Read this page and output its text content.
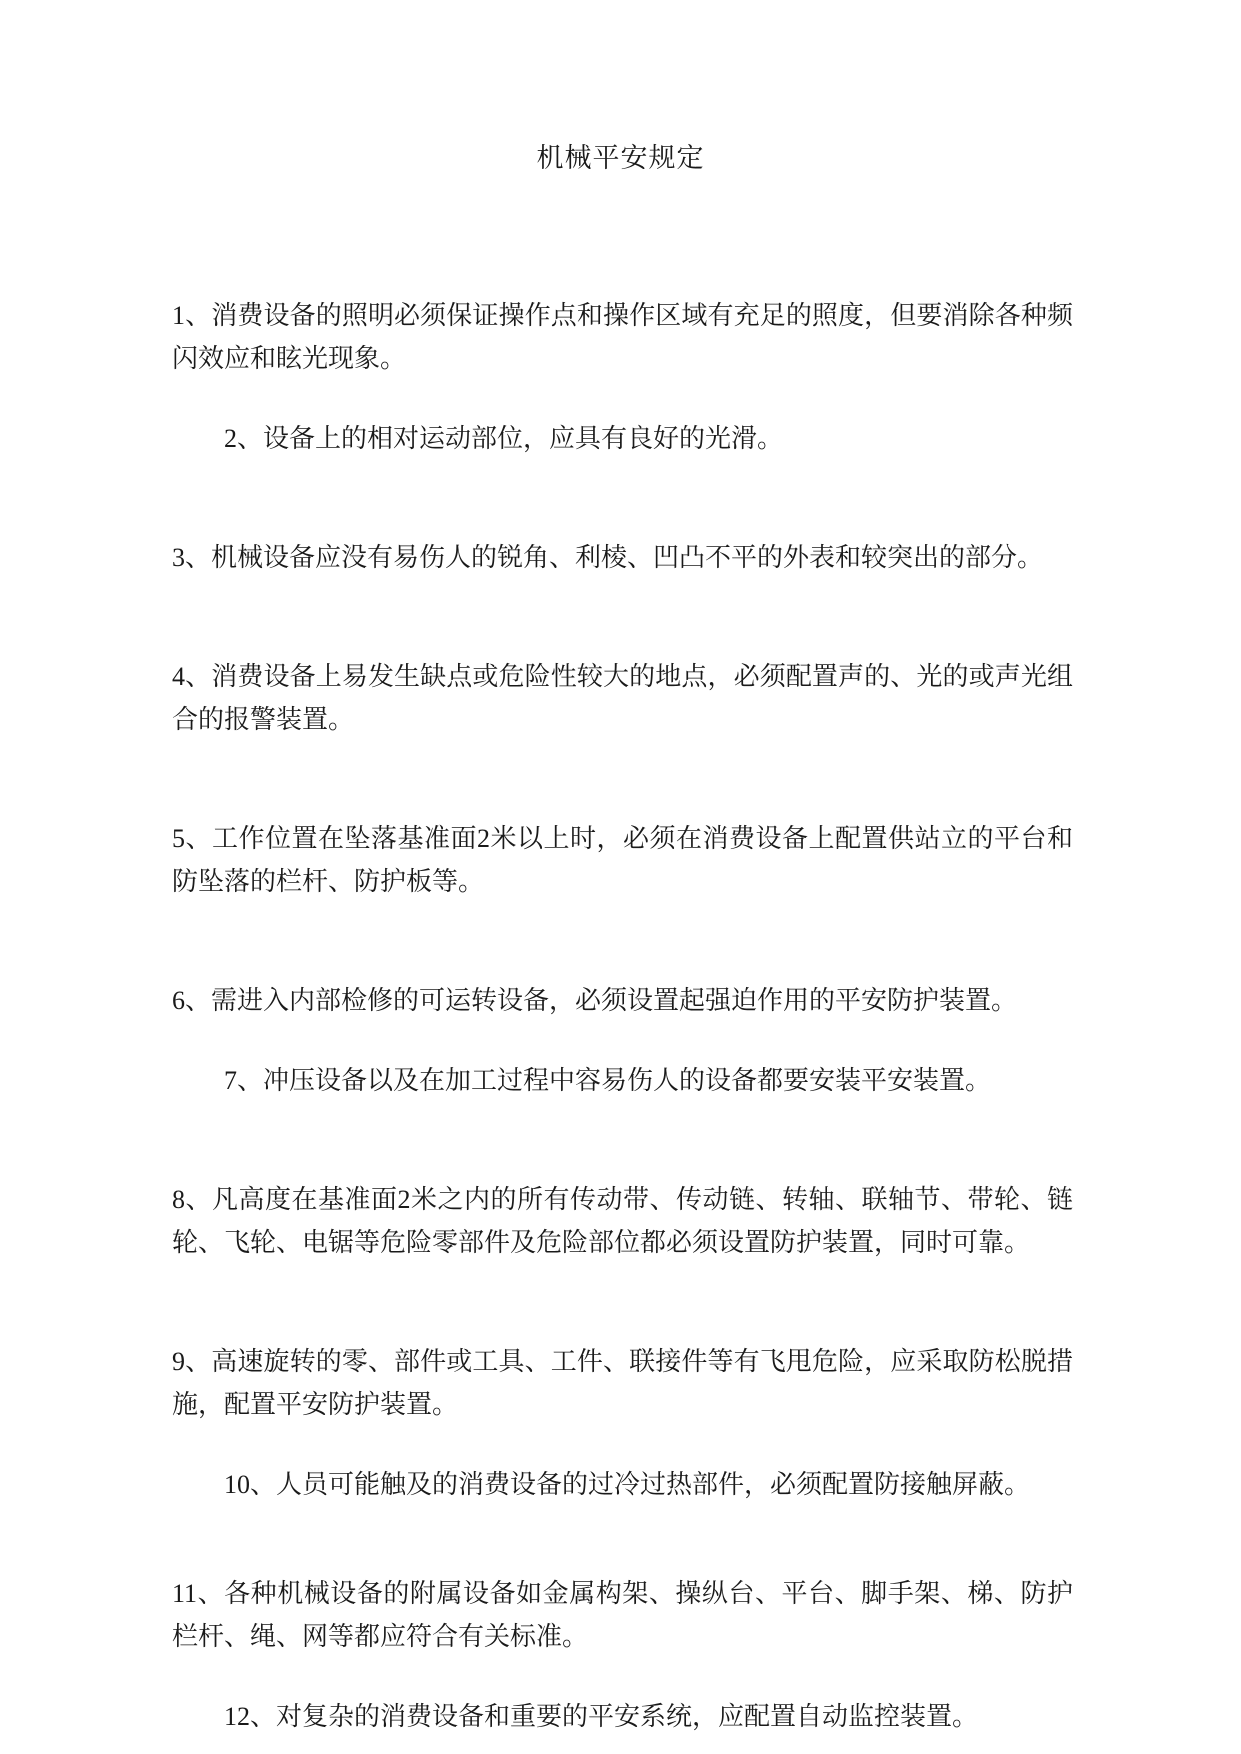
机械平安规定

1、消费设备的照明必须保证操作点和操作区域有充足的照度，但要消除各种频闪效应和眩光现象。

2、设备上的相对运动部位，应具有良好的光滑。

3、机械设备应没有易伤人的锐角、利棱、凹凸不平的外表和较突出的部分。

4、消费设备上易发生缺点或危险性较大的地点，必须配置声的、光的或声光组合的报警装置。

5、工作位置在坠落基准面2米以上时，必须在消费设备上配置供站立的平台和防坠落的栏杆、防护板等。

6、需进入内部检修的可运转设备，必须设置起强迫作用的平安防护装置。

7、冲压设备以及在加工过程中容易伤人的设备都要安装平安装置。

8、凡高度在基准面2米之内的所有传动带、传动链、转轴、联轴节、带轮、链轮、飞轮、电锯等危险零部件及危险部位都必须设置防护装置，同时可靠。

9、高速旋转的零、部件或工具、工件、联接件等有飞甩危险，应采取防松脱措施，配置平安防护装置。

10、人员可能触及的消费设备的过冷过热部件，必须配置防接触屏蔽。

11、各种机械设备的附属设备如金属构架、操纵台、平台、脚手架、梯、防护栏杆、绳、网等都应符合有关标准。

12、对复杂的消费设备和重要的平安系统，应配置自动监控装置。
